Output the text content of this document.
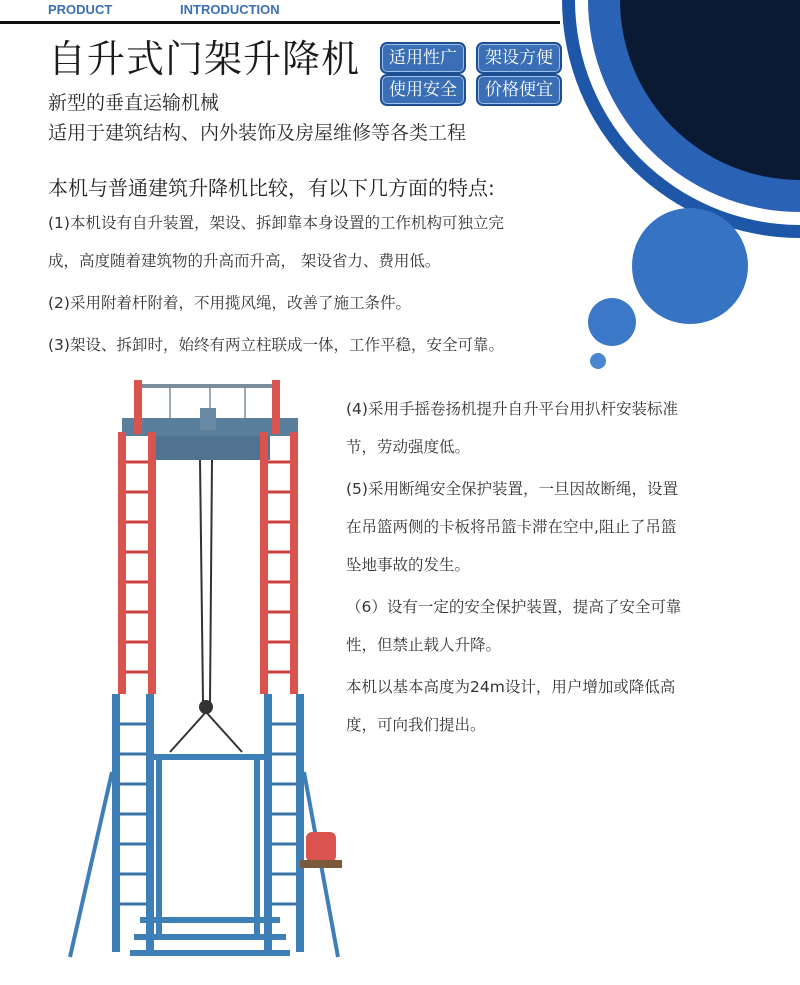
PRODUCT	INTRODUCTION
自升式门架升降机	适用性广	架设方便
使用安全	价格便宜
新型的垂直运输机械
适用于建筑结构、内外装饰及房屋维修等各类工程
本机与普通建筑升降机比较，有以下几方面的特点:
(1)本机设有自升装置，架设、拆卸靠本身设置的工作机构可独立完
成，高度随着建筑物的升高而升高， 架设省力、费用低。
(2)采用附着杆附着，不用揽风绳，改善了施工条件。
(3)架设、拆卸时，始终有两立柱联成一体，工作平稳，安全可靠。
(4)采用手摇卷扬机提升自升平台用扒杆安装标准
节，劳动强度低。
(5)采用断绳安全保护装置，一旦因故断绳，设置
在吊篮两侧的卡板将吊篮卡滞在空中,阻止了吊篮
坠地事故的发生。
（6）设有一定的安全保护装置，提高了安全可靠
性，但禁止载人升降。
本机以基本高度为24m设计，用户增加或降低高
度，可向我们提出。
